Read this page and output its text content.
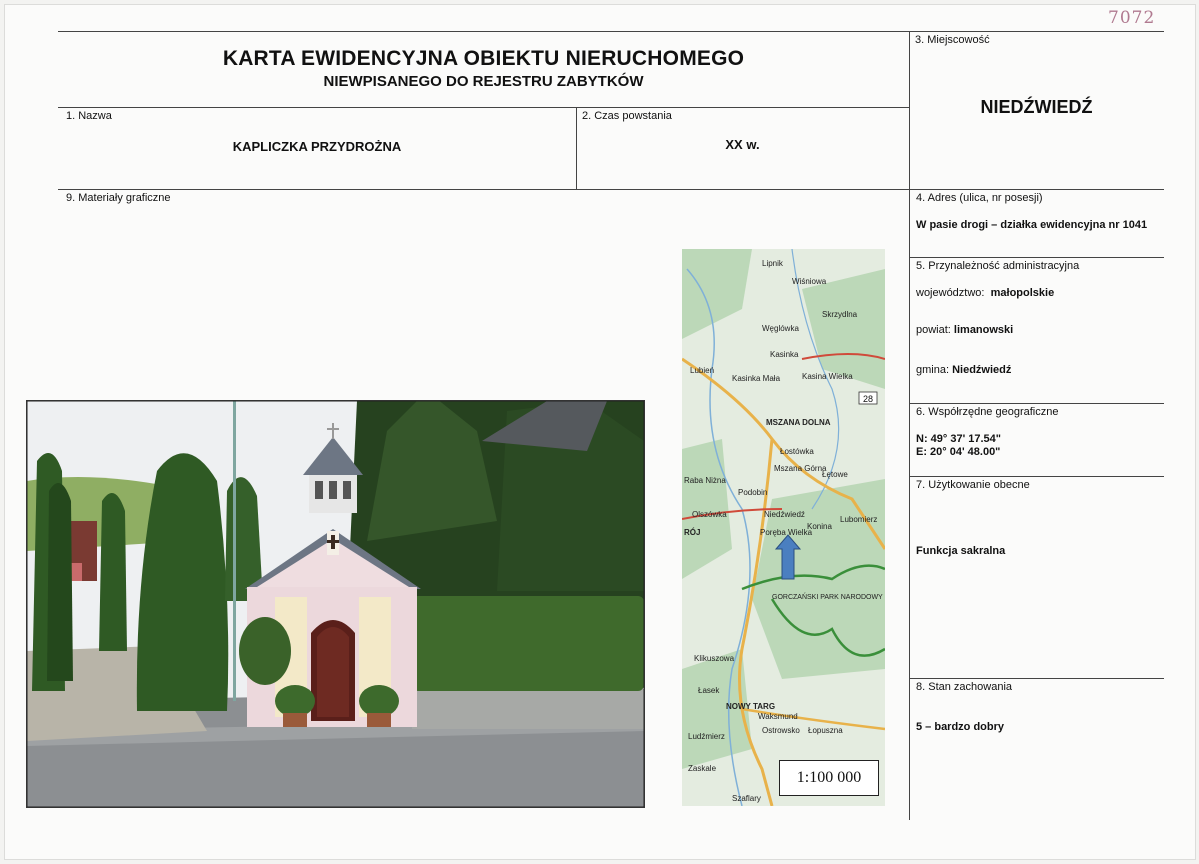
7072
KARTA EWIDENCYJNA OBIEKTU NIERUCHOMEGO
NIEWPISANEGO DO REJESTRU ZABYTKÓW
3. Miejscowość
NIEDŹWIEDŹ
1. Nazwa
KAPLICZKA PRZYDROŻNA
2. Czas powstania
XX w.
9. Materiały graficzne	4. Adres (ulica, nr posesji)
W pasie drogi – działka ewidencyjna nr 1041
5. Przynależność administracyjna
województwo: małopolskie
powiat: limanowski
gmina: Niedźwiedź
6. Współrzędne geograficzne
N: 49° 37' 17.54"
E: 20° 04' 48.00"
7. Użytkowanie obecne
Funkcja sakralna
8. Stan zachowania
5 – bardzo dobry
28
Lipnik
Wiśniowa
Węglówka
Skrzydlna
Kasinka
Lubień
Kasinka Mała	Kasina Wielka
MSZANA DOLNA
Łostówka
Mszana Górna
Łętowe
Raba Niżna
Podobin
Olszówka	Niedźwiedź
Konina
Poręba Wielka
Lubomierz
GORCZAŃSKI PARK NARODOWY
Klikuszowa
Łasek
NOWY TARG
Waksmund
Ostrowsko Łopuszna
Ludźmierz
Szaflary
Zaskale
RÓJ
1:100 000
